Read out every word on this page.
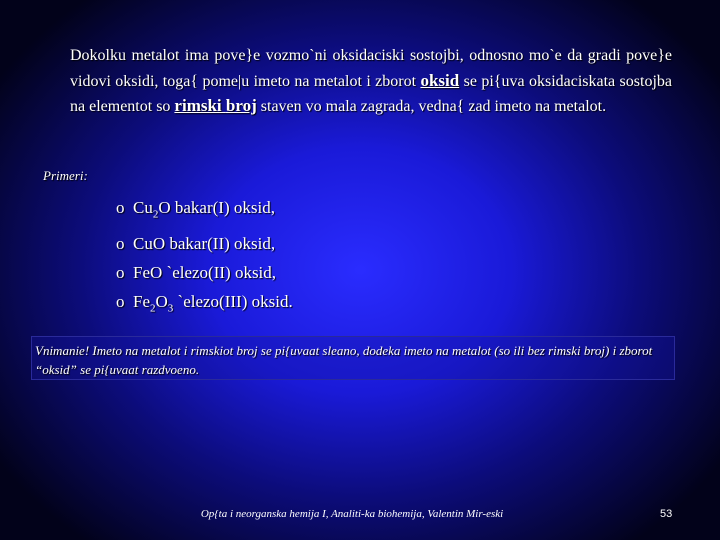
Dokolku metalot ima pove}e vozmo`ni oksidaciski sostojbi, odnosno mo`e da gradi pove}e vidovi oksidi, toga{ pome|u imeto na metalot i zborot oksid se pi{uva oksidaciskata sostojba na elementot so rimski broj staven vo mala zagrada, vedna{ zad imeto na metalot.
Primeri:
o $Cu_2O$ bakar(I) oksid,
o CuO bakar(II) oksid,
o FeO `elezo(II) oksid,
o $Fe_2O_3$ `elezo(III) oksid.
Vnimanie! Imeto na metalot i rimskiot broj se pi{uvaat sleano, dodeka imeto na metalot (so ili bez rimski broj) i zborot “oksid” se pi{uvaat razdvoeno.
Op{ta i neorganska hemija I, Analiti-ka biohemija, Valentin Mir-eski	53
